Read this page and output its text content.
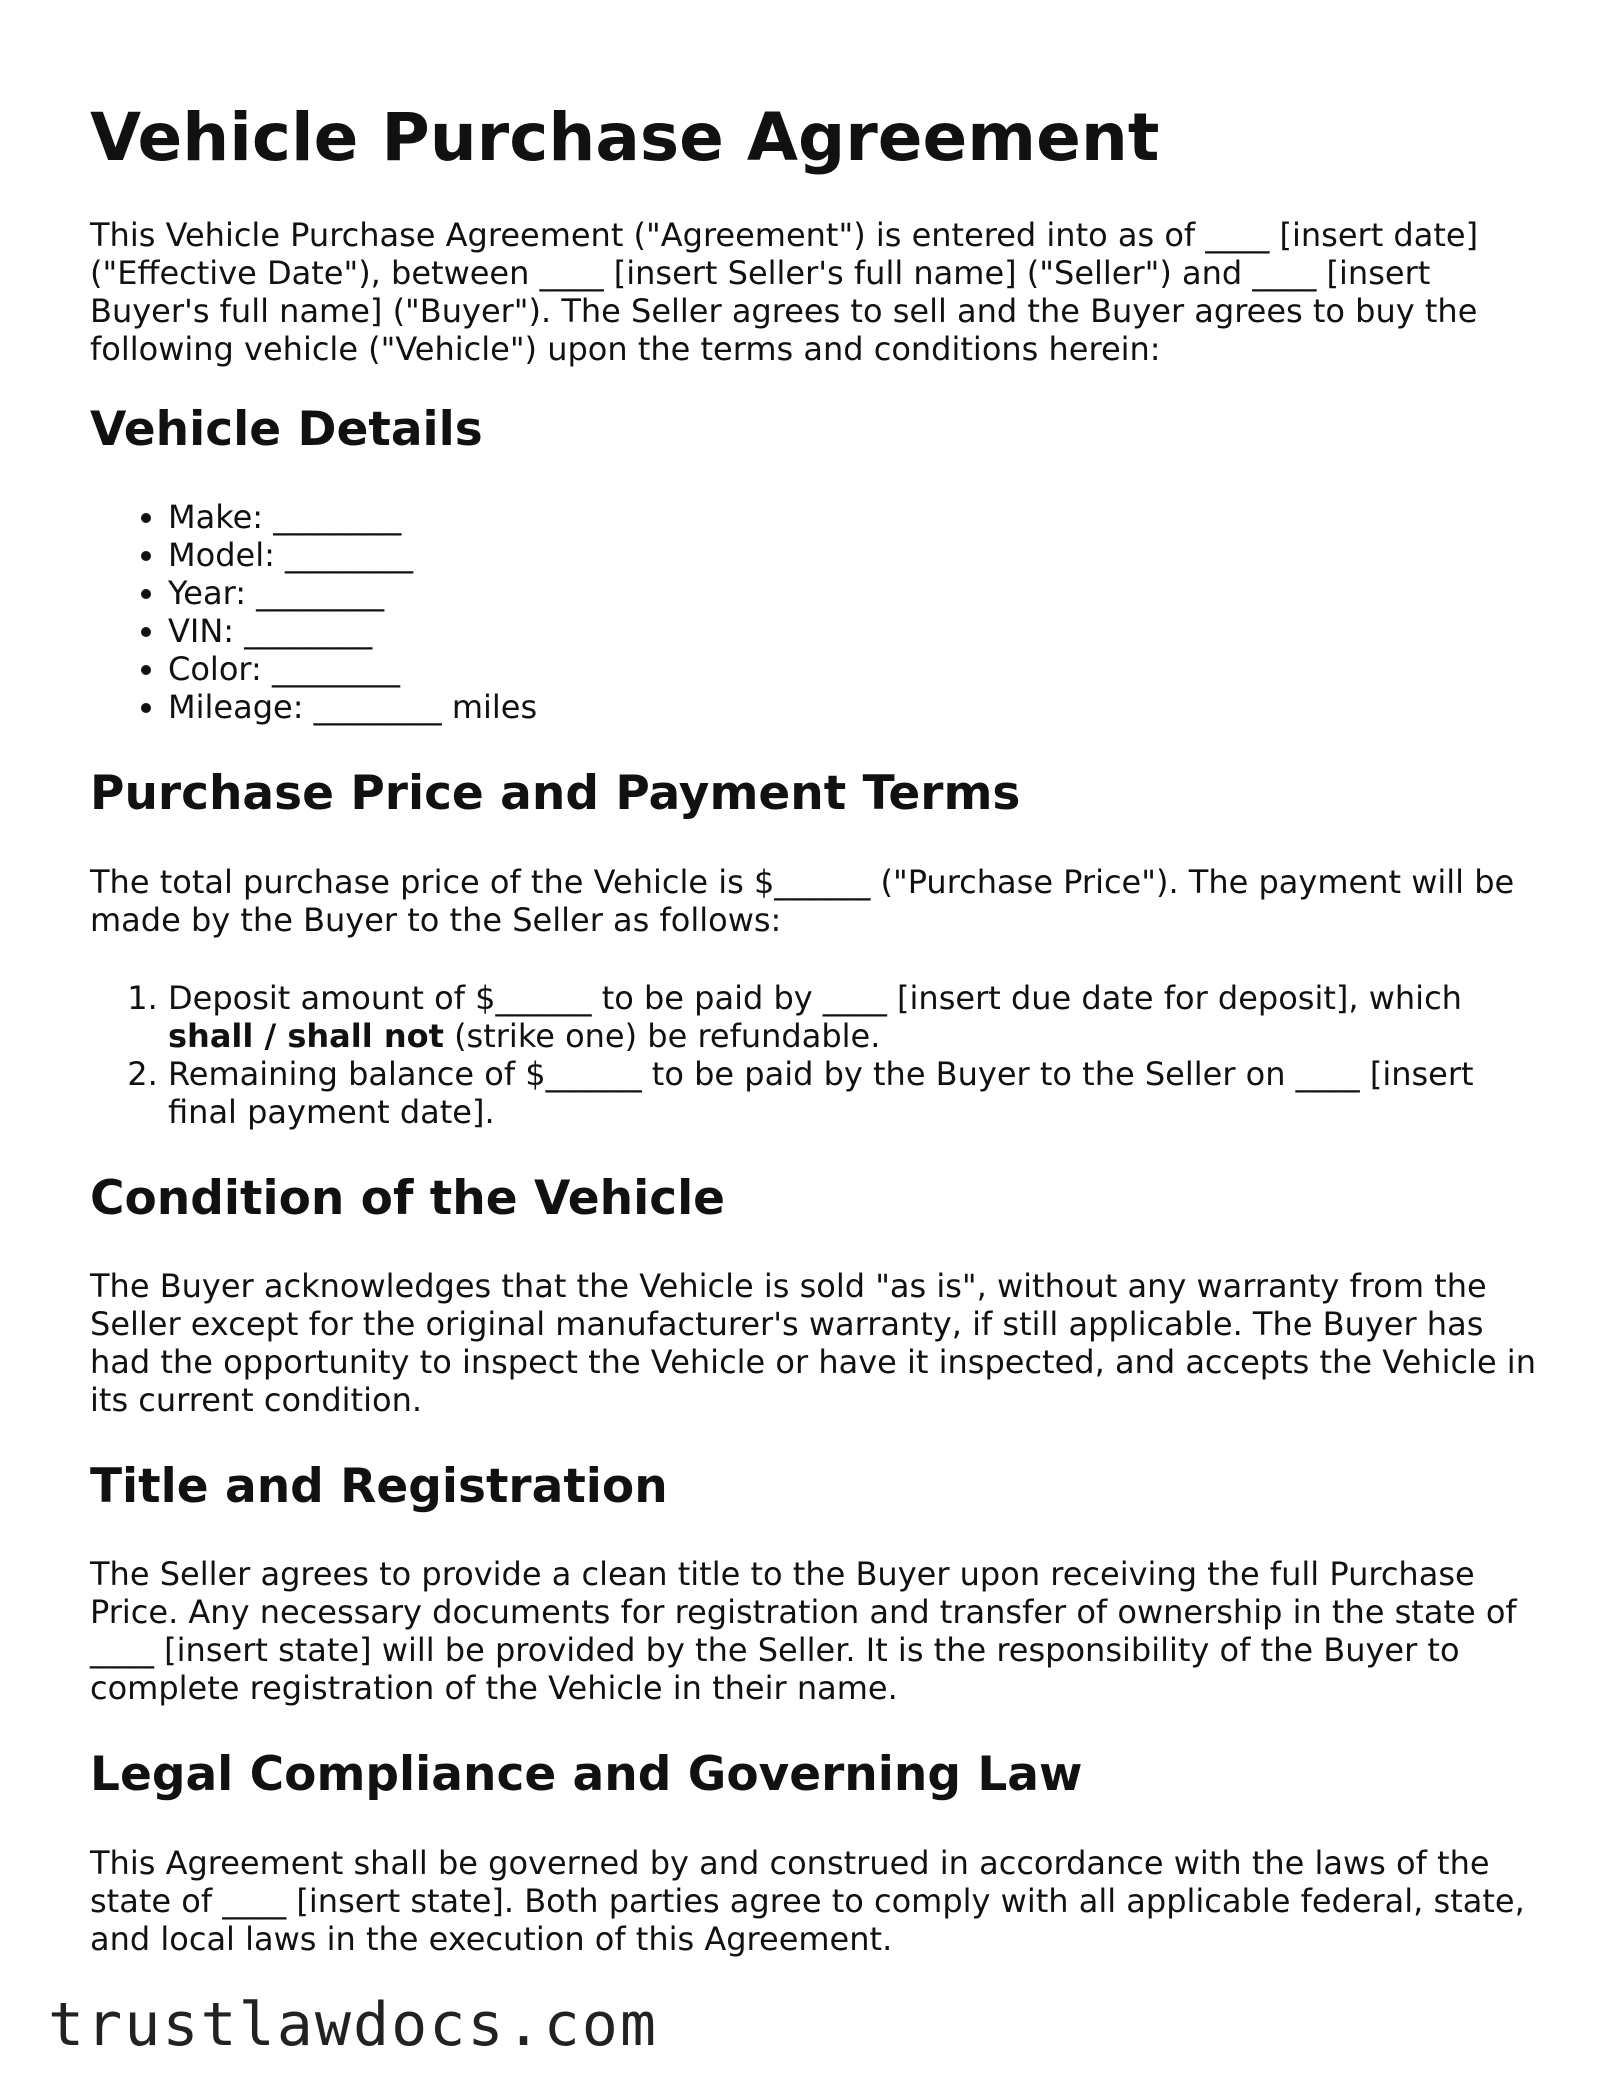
Vehicle Purchase Agreement

This Vehicle Purchase Agreement ("Agreement") is entered into as of ____ [insert date] ("Effective Date"), between ____ [insert Seller's full name] ("Seller") and ____ [insert Buyer's full name] ("Buyer"). The Seller agrees to sell and the Buyer agrees to buy the following vehicle ("Vehicle") upon the terms and conditions herein:

Vehicle Details
• Make: ________
• Model: ________
• Year: ________
• VIN: ________
• Color: ________
• Mileage: ________ miles
Purchase Price and Payment Terms

The total purchase price of the Vehicle is $______ ("Purchase Price"). The payment will be made by the Buyer to the Seller as follows:

1. Deposit amount of $______ to be paid by ____ [insert due date for deposit], which shall / shall not (strike one) be refundable.
2. Remaining balance of $______ to be paid by the Buyer to the Seller on ____ [insert final payment date].
Condition of the Vehicle

The Buyer acknowledges that the Vehicle is sold "as is", without any warranty from the Seller except for the original manufacturer's warranty, if still applicable. The Buyer has had the opportunity to inspect the Vehicle or have it inspected, and accepts the Vehicle in its current condition.

Title and Registration

The Seller agrees to provide a clean title to the Buyer upon receiving the full Purchase Price. Any necessary documents for registration and transfer of ownership in the state of ____ [insert state] will be provided by the Seller. It is the responsibility of the Buyer to complete registration of the Vehicle in their name.

Legal Compliance and Governing Law

This Agreement shall be governed by and construed in accordance with the laws of the state of ____ [insert state]. Both parties agree to comply with all applicable federal, state, and local laws in the execution of this Agreement.

trustlawdocs.com
